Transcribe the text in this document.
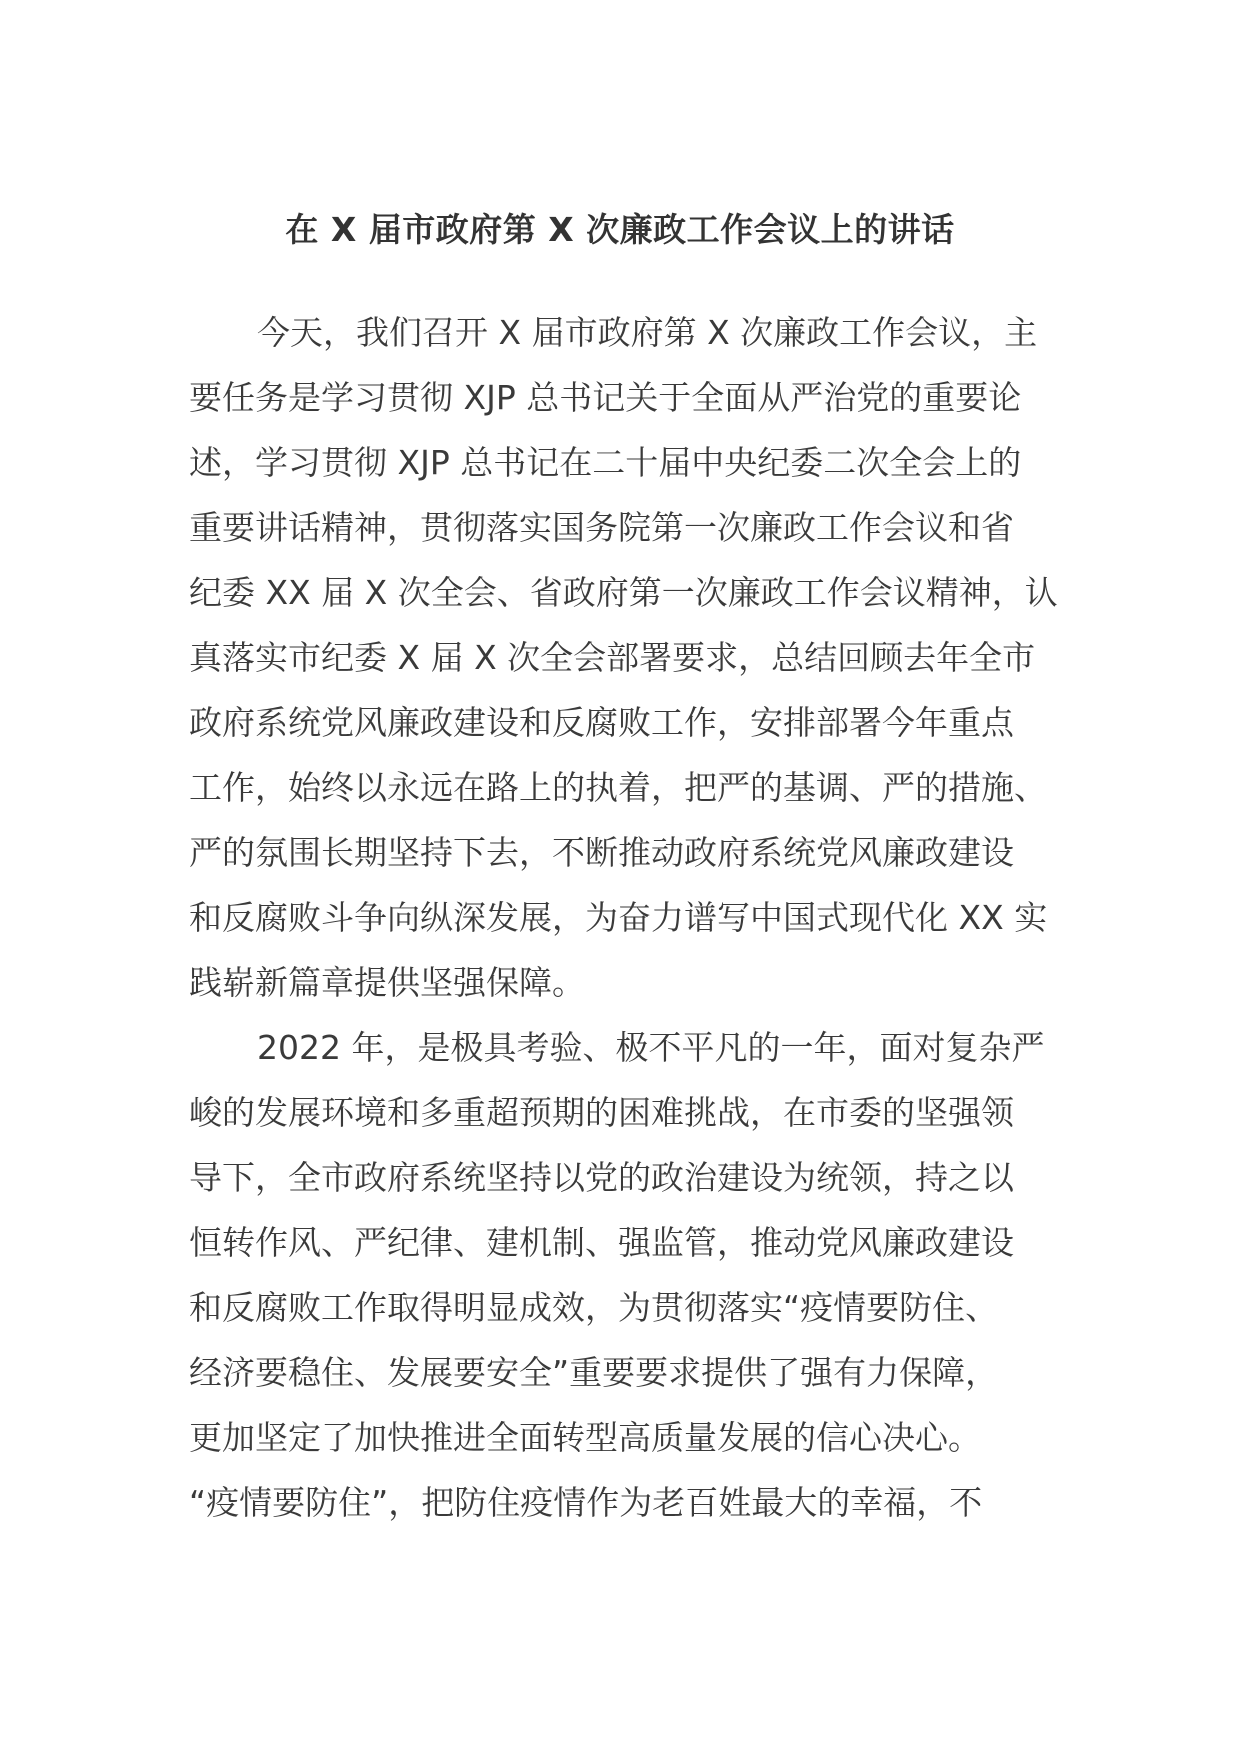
在 X 届市政府第 X 次廉政工作会议上的讲话
今天，我们召开 X 届市政府第 X 次廉政工作会议，主
要任务是学习贯彻 XJP 总书记关于全面从严治党的重要论
述，学习贯彻 XJP 总书记在二十届中央纪委二次全会上的
重要讲话精神，贯彻落实国务院第一次廉政工作会议和省
纪委 XX 届 X 次全会、省政府第一次廉政工作会议精神，认
真落实市纪委 X 届 X 次全会部署要求，总结回顾去年全市
政府系统党风廉政建设和反腐败工作，安排部署今年重点
工作，始终以永远在路上的执着，把严的基调、严的措施、
严的氛围长期坚持下去，不断推动政府系统党风廉政建设
和反腐败斗争向纵深发展，为奋力谱写中国式现代化 XX 实
践崭新篇章提供坚强保障。
2022 年，是极具考验、极不平凡的一年，面对复杂严
峻的发展环境和多重超预期的困难挑战，在市委的坚强领
导下，全市政府系统坚持以党的政治建设为统领，持之以
恒转作风、严纪律、建机制、强监管，推动党风廉政建设
和反腐败工作取得明显成效，为贯彻落实“疫情要防住、
经济要稳住、发展要安全”重要要求提供了强有力保障，
更加坚定了加快推进全面转型高质量发展的信心决心。
“疫情要防住”，把防住疫情作为老百姓最大的幸福，不
